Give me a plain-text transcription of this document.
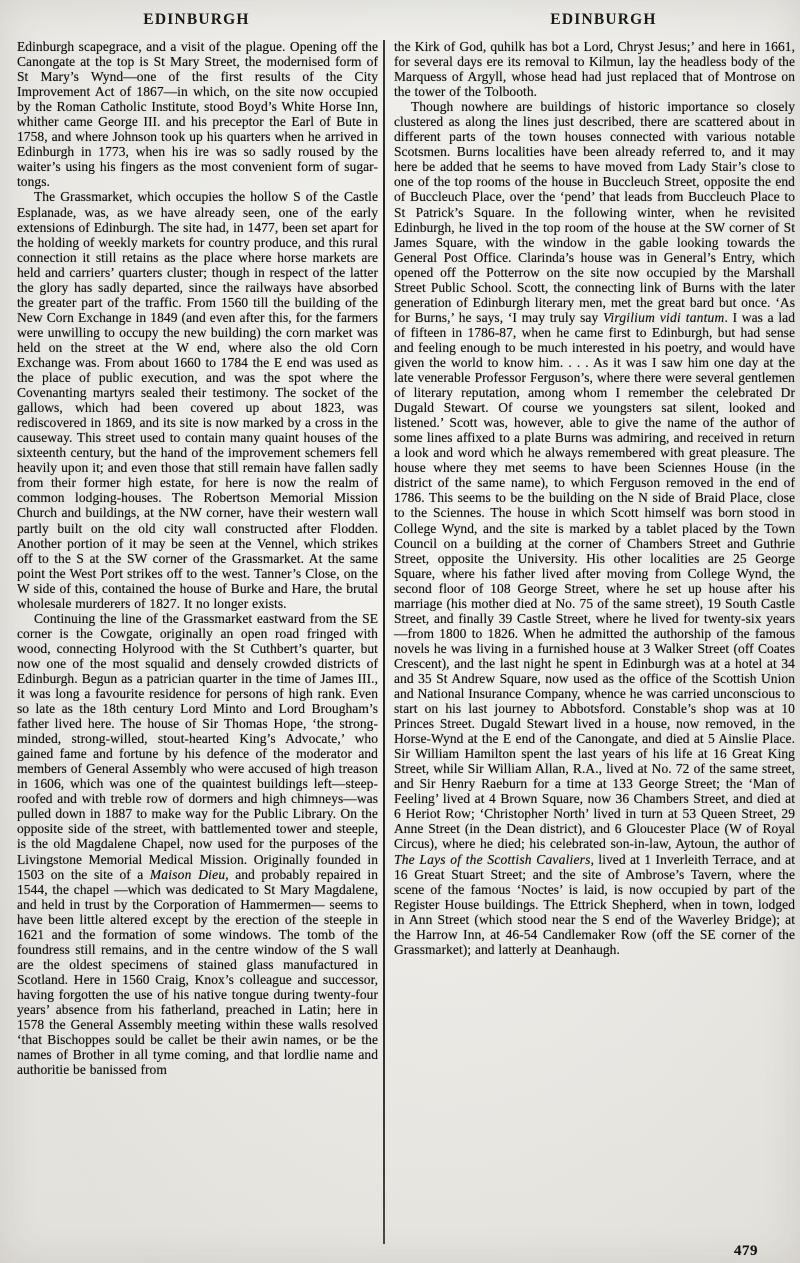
EDINBURGH	EDINBURGH

Edinburgh scapegrace, and a visit of the plague. Opening off the Canongate at the top is St Mary Street, the modernised form of St Mary’s Wynd—one of the first results of the City Improvement Act of 1867—in which, on the site now occupied by the Roman Catholic Institute, stood Boyd’s White Horse Inn, whither came George III. and his preceptor the Earl of Bute in 1758, and where Johnson took up his quarters when he arrived in Edinburgh in 1773, when his ire was so sadly roused by the waiter’s using his fingers as the most convenient form of sugar-tongs.

The Grassmarket, which occupies the hollow S of the Castle Esplanade, was, as we have already seen, one of the early extensions of Edinburgh. The site had, in 1477, been set apart for the holding of weekly markets for country produce, and this rural connection it still retains as the place where horse markets are held and carriers’ quarters cluster; though in respect of the latter the glory has sadly departed, since the railways have absorbed the greater part of the traffic. From 1560 till the building of the New Corn Exchange in 1849 (and even after this, for the farmers were unwilling to occupy the new building) the corn market was held on the street at the W end, where also the old Corn Exchange was. From about 1660 to 1784 the E end was used as the place of public execution, and was the spot where the Covenanting martyrs sealed their testimony. The socket of the gallows, which had been covered up about 1823, was rediscovered in 1869, and its site is now marked by a cross in the causeway. This street used to contain many quaint houses of the sixteenth century, but the hand of the improvement schemers fell heavily upon it; and even those that still remain have fallen sadly from their former high estate, for here is now the realm of common lodging-houses. The Robertson Memorial Mission Church and buildings, at the NW corner, have their western wall partly built on the old city wall constructed after Flodden. Another portion of it may be seen at the Vennel, which strikes off to the S at the SW corner of the Grassmarket. At the same point the West Port strikes off to the west. Tanner’s Close, on the W side of this, contained the house of Burke and Hare, the brutal wholesale murderers of 1827. It no longer exists.

Continuing the line of the Grassmarket eastward from the SE corner is the Cowgate, originally an open road fringed with wood, connecting Holyrood with the St Cuthbert’s quarter, but now one of the most squalid and densely crowded districts of Edinburgh. Begun as a patrician quarter in the time of James III., it was long a favourite residence for persons of high rank. Even so late as the 18th century Lord Minto and Lord Brougham’s father lived here. The house of Sir Thomas Hope, ‘the strong-minded, strong-willed, stout-hearted King’s Advocate,’ who gained fame and fortune by his defence of the moderator and members of General Assembly who were accused of high treason in 1606, which was one of the quaintest buildings left—steep-roofed and with treble row of dormers and high chimneys—was pulled down in 1887 to make way for the Public Library. On the opposite side of the street, with battlemented tower and steeple, is the old Magdalene Chapel, now used for the purposes of the Livingstone Memorial Medical Mission. Originally founded in 1503 on the site of a Maison Dieu, and probably repaired in 1544, the chapel —which was dedicated to St Mary Magdalene, and held in trust by the Corporation of Hammermen— seems to have been little altered except by the erection of the steeple in 1621 and the formation of some windows. The tomb of the foundress still remains, and in the centre window of the S wall are the oldest specimens of stained glass manufactured in Scotland. Here in 1560 Craig, Knox’s colleague and successor, having forgotten the use of his native tongue during twenty-four years’ absence from his fatherland, preached in Latin; here in 1578 the General Assembly meeting within these walls resolved ‘that Bischoppes sould be callet be their awin names, or be the names of Brother in all tyme coming, and that lordlie name and authoritie be banissed from

the Kirk of God, quhilk has bot a Lord, Chryst Jesus;’ and here in 1661, for several days ere its removal to Kilmun, lay the headless body of the Marquess of Argyll, whose head had just replaced that of Montrose on the tower of the Tolbooth.

Though nowhere are buildings of historic importance so closely clustered as along the lines just described, there are scattered about in different parts of the town houses connected with various notable Scotsmen. Burns localities have been already referred to, and it may here be added that he seems to have moved from Lady Stair’s close to one of the top rooms of the house in Buccleuch Street, opposite the end of Buccleuch Place, over the ‘pend’ that leads from Buccleuch Place to St Patrick’s Square. In the following winter, when he revisited Edinburgh, he lived in the top room of the house at the SW corner of St James Square, with the window in the gable looking towards the General Post Office. Clarinda’s house was in General’s Entry, which opened off the Potterrow on the site now occupied by the Marshall Street Public School. Scott, the connecting link of Burns with the later generation of Edinburgh literary men, met the great bard but once. ‘As for Burns,’ he says, ‘I may truly say Virgilium vidi tantum. I was a lad of fifteen in 1786-87, when he came first to Edinburgh, but had sense and feeling enough to be much interested in his poetry, and would have given the world to know him. . . . As it was I saw him one day at the late venerable Professor Ferguson’s, where there were several gentlemen of literary reputation, among whom I remember the celebrated Dr Dugald Stewart. Of course we youngsters sat silent, looked and listened.’ Scott was, however, able to give the name of the author of some lines affixed to a plate Burns was admiring, and received in return a look and word which he always remembered with great pleasure. The house where they met seems to have been Sciennes House (in the district of the same name), to which Ferguson removed in the end of 1786. This seems to be the building on the N side of Braid Place, close to the Sciennes. The house in which Scott himself was born stood in College Wynd, and the site is marked by a tablet placed by the Town Council on a building at the corner of Chambers Street and Guthrie Street, opposite the University. His other localities are 25 George Square, where his father lived after moving from College Wynd, the second floor of 108 George Street, where he set up house after his marriage (his mother died at No. 75 of the same street), 19 South Castle Street, and finally 39 Castle Street, where he lived for twenty-six years—from 1800 to 1826. When he admitted the authorship of the famous novels he was living in a furnished house at 3 Walker Street (off Coates Crescent), and the last night he spent in Edinburgh was at a hotel at 34 and 35 St Andrew Square, now used as the office of the Scottish Union and National Insurance Company, whence he was carried unconscious to start on his last journey to Abbotsford. Constable’s shop was at 10 Princes Street. Dugald Stewart lived in a house, now removed, in the Horse-Wynd at the E end of the Canongate, and died at 5 Ainslie Place. Sir William Hamilton spent the last years of his life at 16 Great King Street, while Sir William Allan, R.A., lived at No. 72 of the same street, and Sir Henry Raeburn for a time at 133 George Street; the ‘Man of Feeling’ lived at 4 Brown Square, now 36 Chambers Street, and died at 6 Heriot Row; ‘Christopher North’ lived in turn at 53 Queen Street, 29 Anne Street (in the Dean district), and 6 Gloucester Place (W of Royal Circus), where he died; his celebrated son-in-law, Aytoun, the author of The Lays of the Scottish Cavaliers, lived at 1 Inverleith Terrace, and at 16 Great Stuart Street; and the site of Ambrose’s Tavern, where the scene of the famous ‘Noctes’ is laid, is now occupied by part of the Register House buildings. The Ettrick Shepherd, when in town, lodged in Ann Street (which stood near the S end of the Waverley Bridge); at the Harrow Inn, at 46-54 Candlemaker Row (off the SE corner of the Grassmarket); and latterly at Deanhaugh.

479
